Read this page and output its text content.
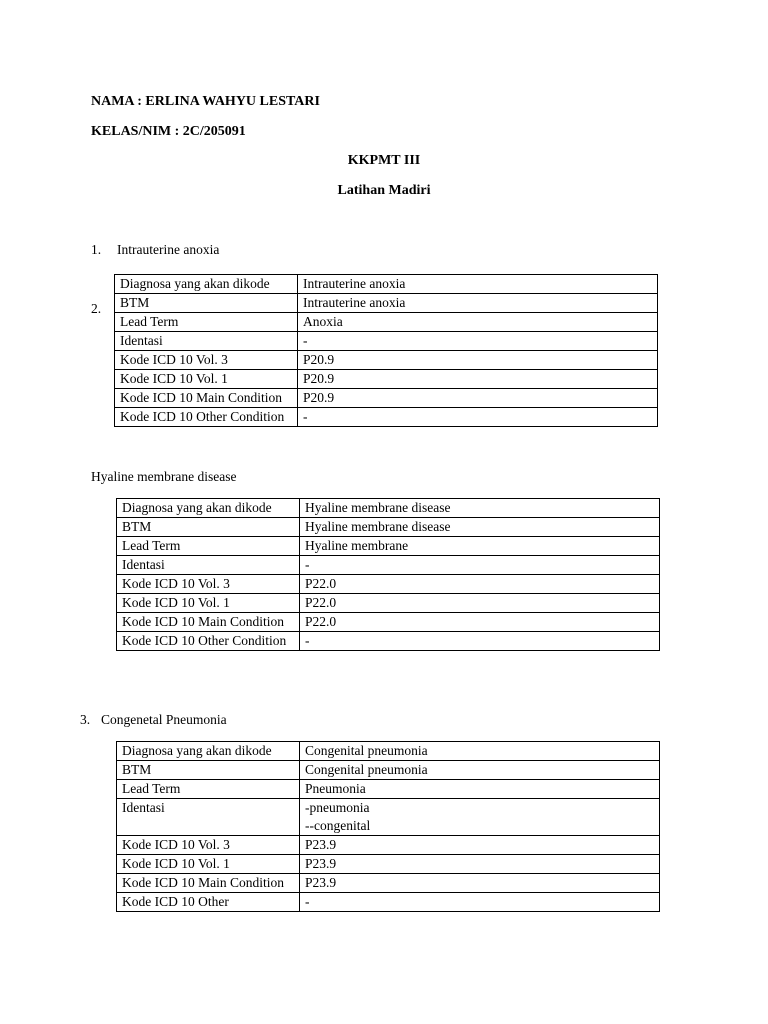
NAMA : ERLINA WAHYU LESTARI
KELAS/NIM : 2C/205091
KKPMT III
Latihan Madiri
1. Intrauterine anoxia
2.
Diagnosa yang akan dikode	Intrauterine anoxia
BTM	Intrauterine anoxia
Lead Term	Anoxia
Identasi	-
Kode ICD 10 Vol. 3	P20.9
Kode ICD 10 Vol. 1	P20.9
Kode ICD 10 Main Condition	P20.9
Kode ICD 10 Other Condition	-
Hyaline membrane disease
Diagnosa yang akan dikode	Hyaline membrane disease
BTM	Hyaline membrane disease
Lead Term	Hyaline membrane
Identasi	-
Kode ICD 10 Vol. 3	P22.0
Kode ICD 10 Vol. 1	P22.0
Kode ICD 10 Main Condition	P22.0
Kode ICD 10 Other Condition	-
3. Congenetal Pneumonia
Diagnosa yang akan dikode	Congenital pneumonia
BTM	Congenital pneumonia
Lead Term	Pneumonia
Identasi	-pneumonia
--congenital

Kode ICD 10 Vol. 3	P23.9
Kode ICD 10 Vol. 1	P23.9
Kode ICD 10 Main Condition	P23.9
Kode ICD 10 Other	-
